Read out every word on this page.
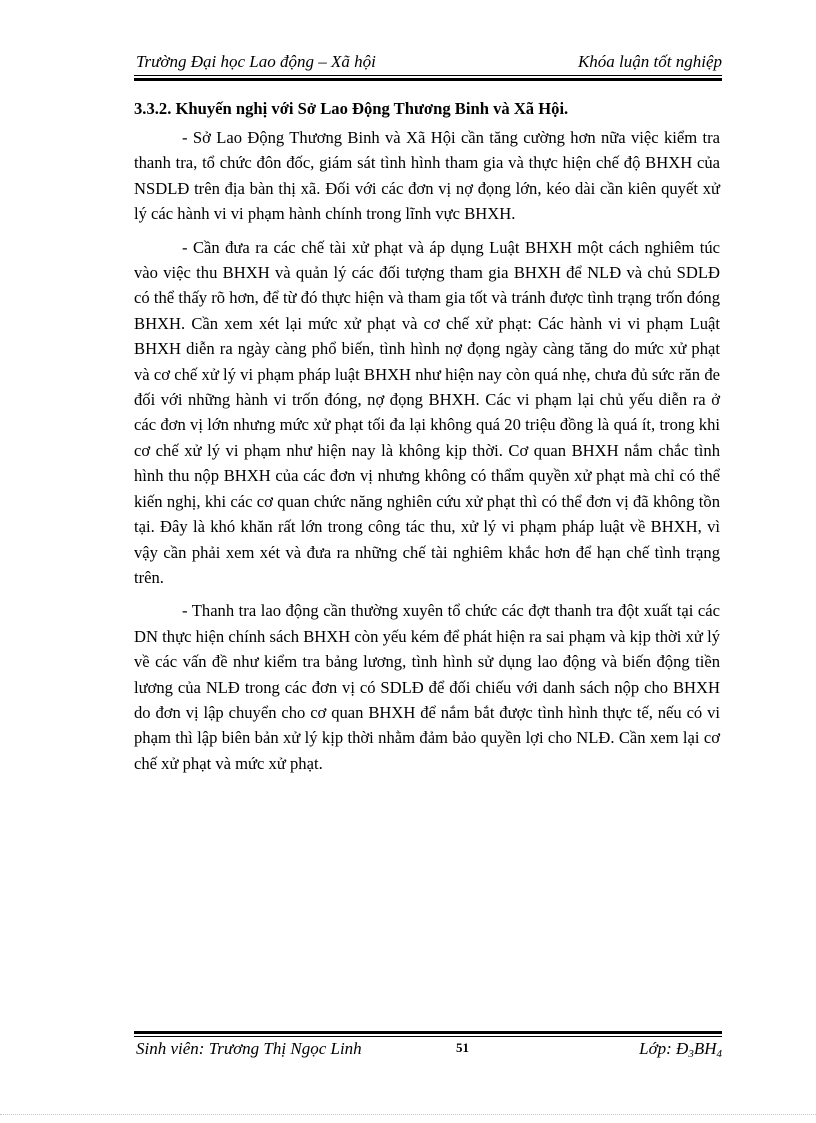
Trường Đại học Lao động – Xã hội	Khóa luận tốt nghiệp
3.3.2. Khuyến nghị với Sở Lao Động Thương Binh và Xã Hội.

- Sở Lao Động Thương Binh và Xã Hội cần tăng cường hơn nữa việc kiểm tra thanh tra, tổ chức đôn đốc, giám sát tình hình tham gia và thực hiện chế độ BHXH của NSDLĐ trên địa bàn thị xã. Đối với các đơn vị nợ đọng lớn, kéo dài cần kiên quyết xử lý các hành vi vi phạm hành chính trong lĩnh vực BHXH.

- Cần đưa ra các chế tài xử phạt và áp dụng Luật BHXH một cách nghiêm túc vào việc thu BHXH và quản lý các đối tượng tham gia BHXH để NLĐ và chủ SDLĐ có thể thấy rõ hơn, để từ đó thực hiện và tham gia tốt và tránh được tình trạng trốn đóng BHXH. Cần xem xét lại mức xử phạt và cơ chế xử phạt: Các hành vi vi phạm Luật BHXH diễn ra ngày càng phổ biến, tình hình nợ đọng ngày càng tăng do mức xử phạt và cơ chế xử lý vi phạm pháp luật BHXH như hiện nay còn quá nhẹ, chưa đủ sức răn đe đối với những hành vi trốn đóng, nợ đọng BHXH. Các vi phạm lại chủ yếu diễn ra ở các đơn vị lớn nhưng mức xử phạt tối đa lại không quá 20 triệu đồng là quá ít, trong khi cơ chế xử lý vi phạm như hiện nay là không kịp thời. Cơ quan BHXH nắm chắc tình hình thu nộp BHXH của các đơn vị nhưng không có thẩm quyền xử phạt mà chỉ có thể kiến nghị, khi các cơ quan chức năng nghiên cứu xử phạt thì có thể đơn vị đã không tồn tại. Đây là khó khăn rất lớn trong công tác thu, xử lý vi phạm pháp luật về BHXH, vì vậy cần phải xem xét và đưa ra những chế tài nghiêm khắc hơn để hạn chế tình trạng trên.

- Thanh tra lao động cần thường xuyên tổ chức các đợt thanh tra đột xuất tại các DN thực hiện chính sách BHXH còn yếu kém để phát hiện ra sai phạm và kịp thời xử lý về các vấn đề như kiểm tra bảng lương, tình hình sử dụng lao động và biến động tiền lương của NLĐ trong các đơn vị có SDLĐ để đối chiếu với danh sách nộp cho BHXH do đơn vị lập chuyển cho cơ quan BHXH để nắm bắt được tình hình thực tế, nếu có vi phạm thì lập biên bản xử lý kịp thời nhằm đảm bảo quyền lợi cho NLĐ. Cần xem lại cơ chế xử phạt và mức xử phạt.

Sinh viên: Trương Thị Ngọc Linh	51	Lớp: $Đ_3BH_4$
